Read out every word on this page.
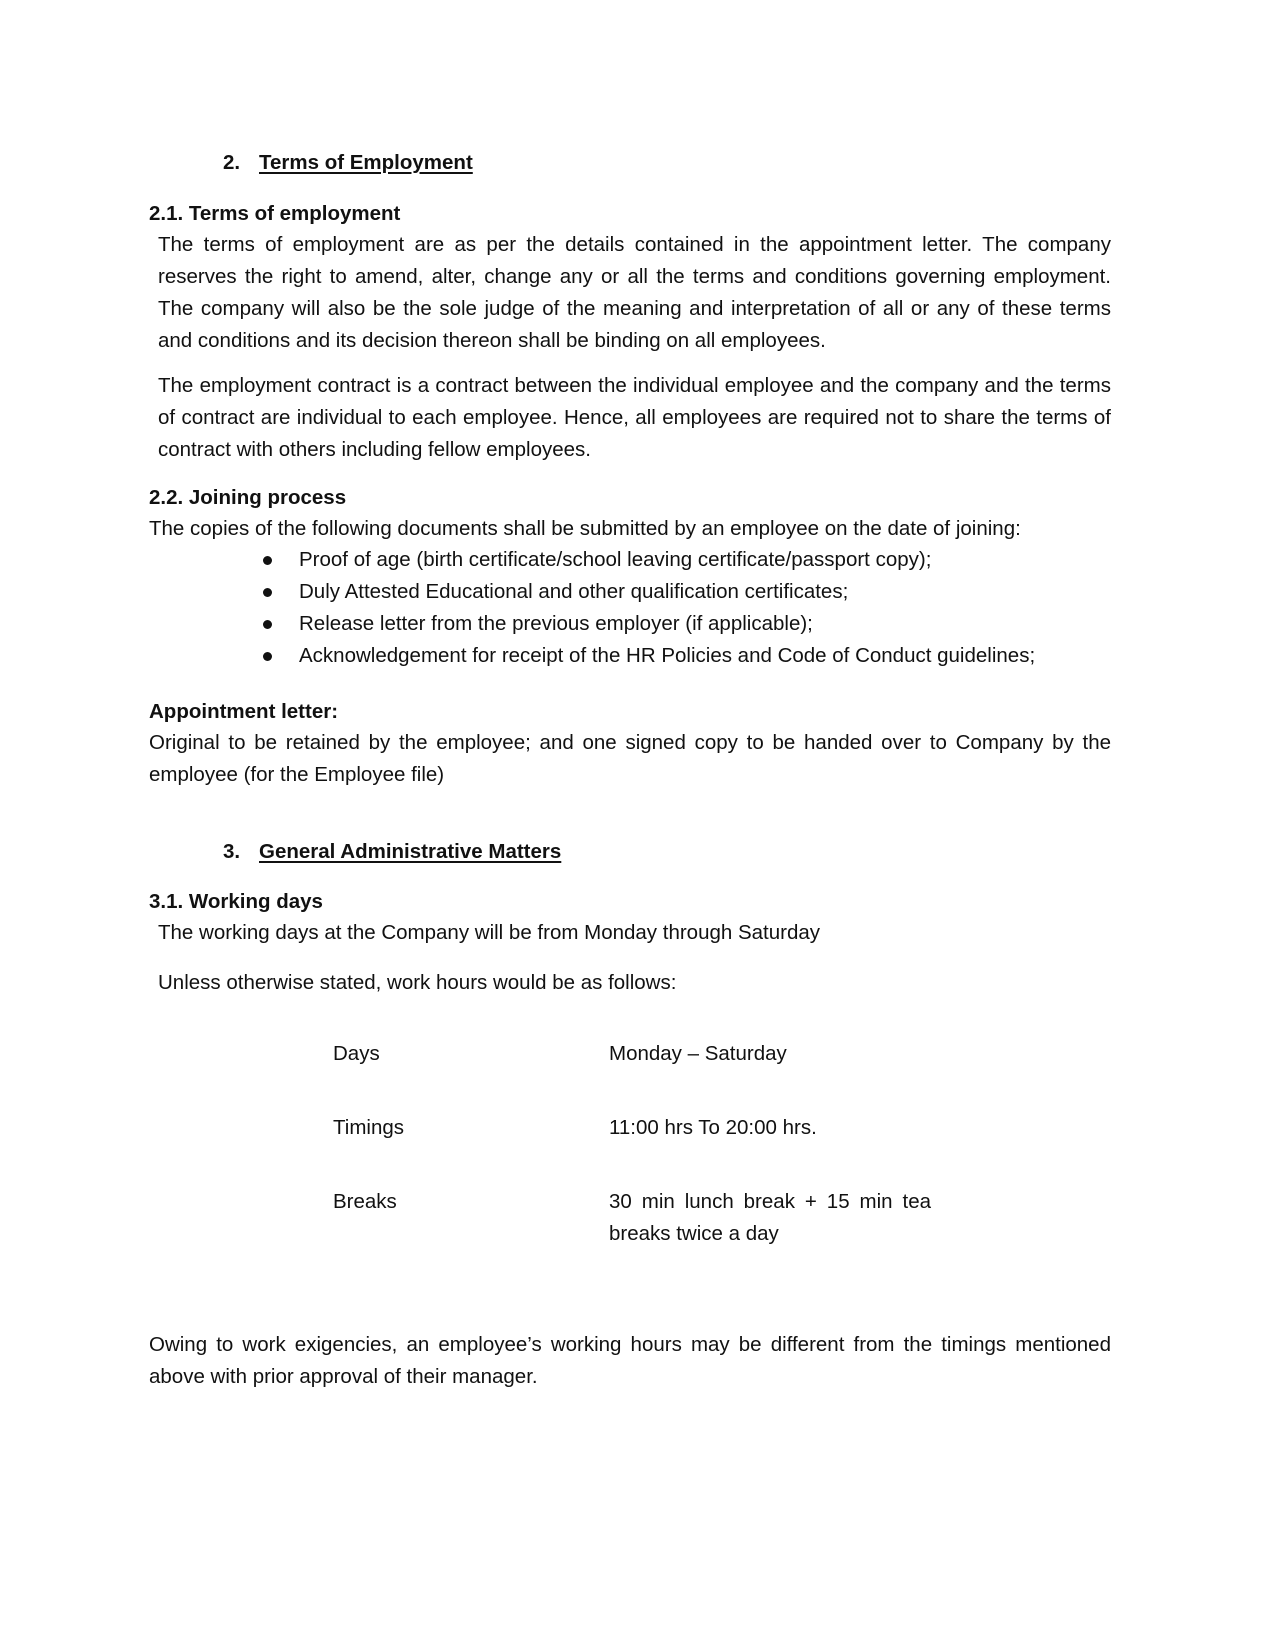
2. Terms of Employment
2.1. Terms of employment

The terms of employment are as per the details contained in the appointment letter. The company reserves the right to amend, alter, change any or all the terms and conditions governing employment. The company will also be the sole judge of the meaning and interpretation of all or any of these terms and conditions and its decision thereon shall be binding on all employees.

The employment contract is a contract between the individual employee and the company and the terms of contract are individual to each employee. Hence, all employees are required not to share the terms of contract with others including fellow employees.

2.2. Joining process
The copies of the following documents shall be submitted by an employee on the date of joining:
Proof of age (birth certificate/school leaving certificate/passport copy);
Duly Attested Educational and other qualification certificates;
Release letter from the previous employer (if applicable);
Acknowledgement for receipt of the HR Policies and Code of Conduct guidelines;
Appointment letter:

Original to be retained by the employee; and one signed copy to be handed over to Company by the employee (for the Employee file)

3. General Administrative Matters
3.1. Working days
The working days at the Company will be from Monday through Saturday
Unless otherwise stated, work hours would be as follows:
Days	Monday – Saturday
Timings	11:00 hrs To 20:00 hrs.
Breaks	30 min lunch break + 15 min tea breaks twice a day

Owing to work exigencies, an employee’s working hours may be different from the timings mentioned above with prior approval of their manager.
